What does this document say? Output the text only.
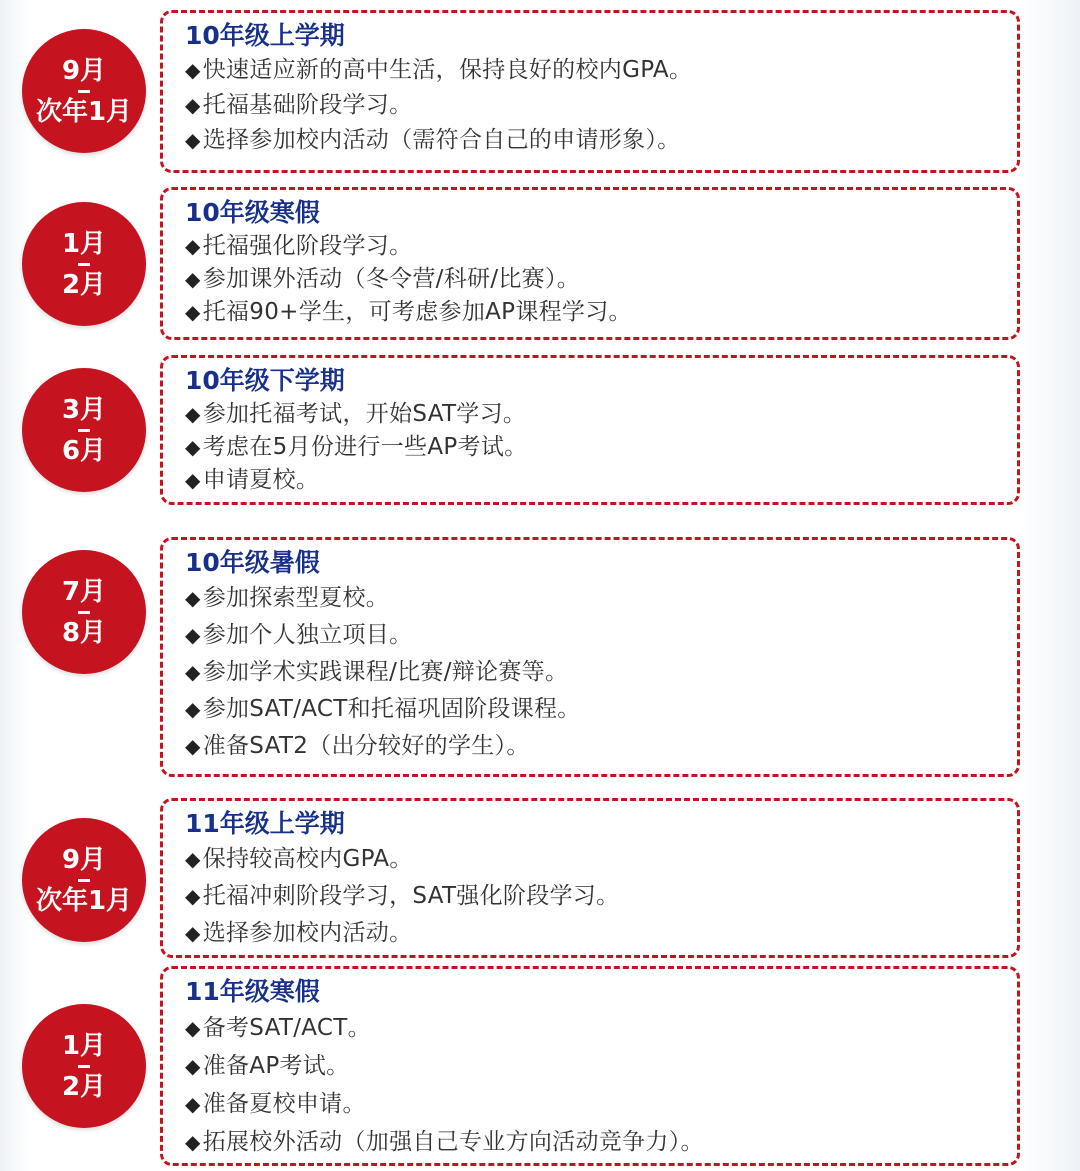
9月
次年1月
10年级上学期
◆快速适应新的高中生活，保持良好的校内GPA。
◆托福基础阶段学习。
◆选择参加校内活动（需符合自己的申请形象）。
1月
2月
10年级寒假
◆托福强化阶段学习。
◆参加课外活动（冬令营/科研/比赛）。
◆托福90+学生，可考虑参加AP课程学习。
3月
6月
10年级下学期
◆参加托福考试，开始SAT学习。
◆考虑在5月份进行一些AP考试。
◆申请夏校。
7月
8月
10年级暑假
◆参加探索型夏校。
◆参加个人独立项目。
◆参加学术实践课程/比赛/辩论赛等。
◆参加SAT/ACT和托福巩固阶段课程。
◆准备SAT2（出分较好的学生）。
9月
次年1月
11年级上学期
◆保持较高校内GPA。
◆托福冲刺阶段学习，SAT强化阶段学习。
◆选择参加校内活动。
1月
2月
11年级寒假
◆备考SAT/ACT。
◆准备AP考试。
◆准备夏校申请。
◆拓展校外活动（加强自己专业方向活动竞争力）。
